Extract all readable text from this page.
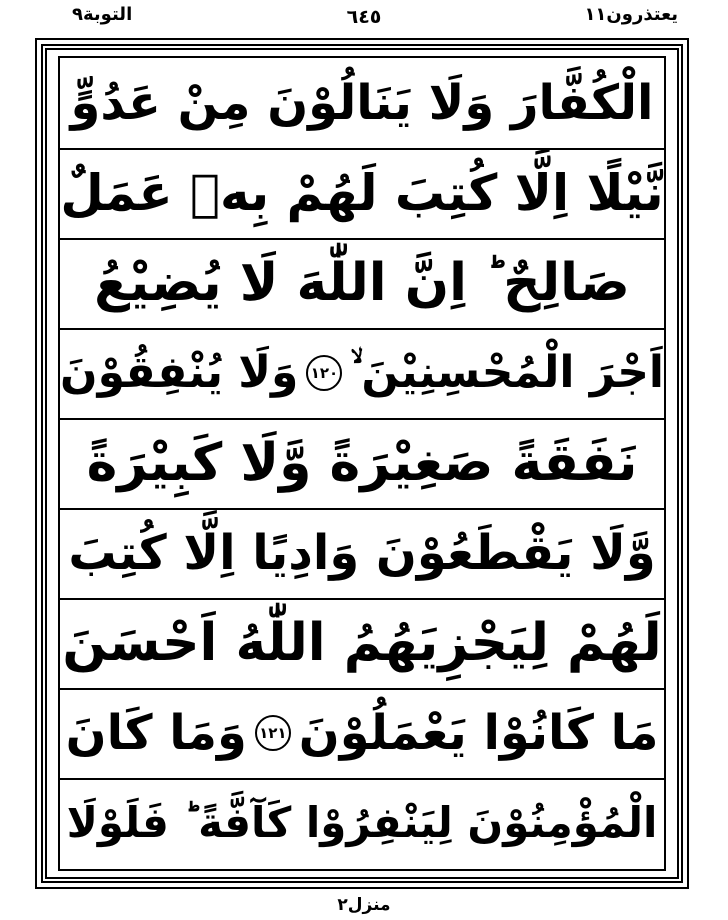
التوبة٩	٦٤٥	يعتذرون١١
الْكُفَّارَ وَلَا يَنَالُوْنَ مِنْ عَدُوٍّ
نَّيْلًا اِلَّا كُتِبَ لَهُمْ بِهٖ عَمَلٌ
صَالِحٌ ؕ اِنَّ اللّٰهَ لَا يُضِيْعُ
اَجْرَ الْمُحْسِنِيْنَ ۙ
١٢٠
وَلَا يُنْفِقُوْنَ
نَفَقَةً صَغِيْرَةً وَّلَا كَبِيْرَةً
وَّلَا يَقْطَعُوْنَ وَادِيًا اِلَّا كُتِبَ
لَهُمْ لِيَجْزِيَهُمُ اللّٰهُ اَحْسَنَ
مَا كَانُوْا يَعْمَلُوْنَ
١٢١
وَمَا كَانَ
الْمُؤْمِنُوْنَ لِيَنْفِرُوْا كَآفَّةً ؕ فَلَوْلَا
منزل٢
